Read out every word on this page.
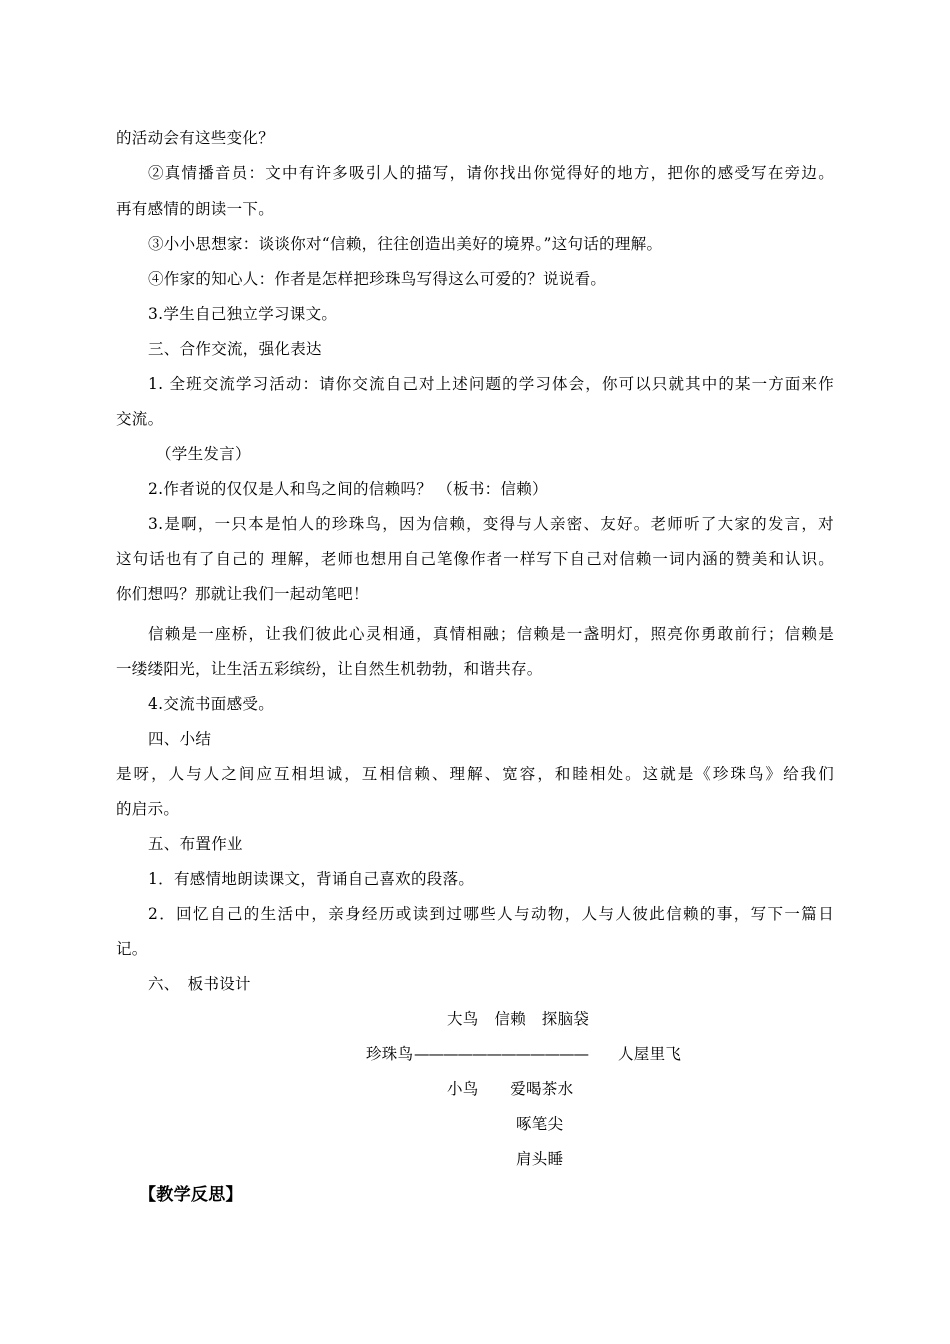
的活动会有这些变化？
②真情播音员：文中有许多吸引人的描写，请你找出你觉得好的地方，把你的感受写在旁边。
再有感情的朗读一下。
③小小思想家：谈谈你对“信赖，往往创造出美好的境界。”这句话的理解。
④作家的知心人：作者是怎样把珍珠鸟写得这么可爱的？说说看。
3.学生自己独立学习课文。
三、合作交流，强化表达
1. 全班交流学习活动：请你交流自己对上述问题的学习体会，你可以只就其中的某一方面来作
交流。
（学生发言）
2.作者说的仅仅是人和鸟之间的信赖吗？ （板书：信赖）
3.是啊，一只本是怕人的珍珠鸟，因为信赖，变得与人亲密、友好。老师听了大家的发言，对
这句话也有了自己的 理解，老师也想用自己笔像作者一样写下自己对信赖一词内涵的赞美和认识。
你们想吗？那就让我们一起动笔吧！
信赖是一座桥，让我们彼此心灵相通，真情相融；信赖是一盏明灯，照亮你勇敢前行；信赖是
一缕缕阳光，让生活五彩缤纷，让自然生机勃勃，和谐共存。
4.交流书面感受。
四、小结
是呀，人与人之间应互相坦诚，互相信赖、理解、宽容，和睦相处。这就是《珍珠鸟》给我们
的启示。
五、布置作业
1．有感情地朗读课文，背诵自己喜欢的段落。
2．回忆自己的生活中，亲身经历或读到过哪些人与动物，人与人彼此信赖的事，写下一篇日
记。
六、　板书设计
大鸟　信赖　探脑袋
珍珠鸟 ————————————	人屋里飞
小鸟　　爱喝茶水
啄笔尖
肩头睡
【教学反思】
